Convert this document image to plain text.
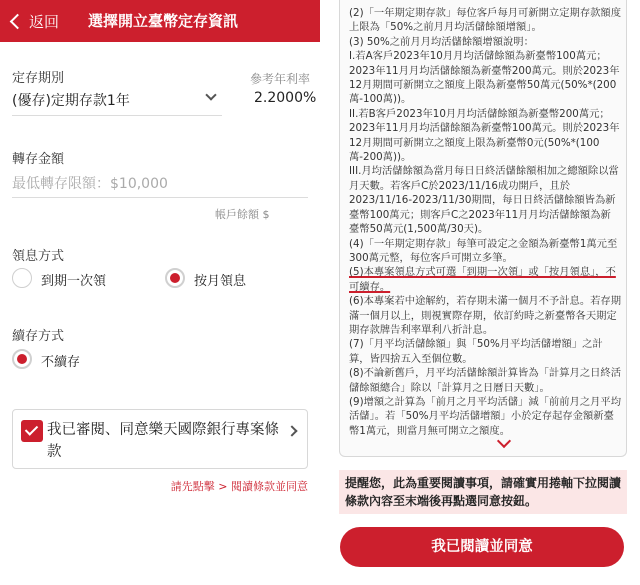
返回 選擇開立臺幣定存資訊
定存期別	參考年利率
(優存)定期存款1年	2.2000%
轉存金額
最低轉存限額：$10,000
帳戶餘額 $
領息方式
到期一次領	按月領息
續存方式
不續存
我已審閱、同意樂天國際銀行專案條款
請先點擊 > 閱讀條款並同意

(2)「一年期定期存款」每位客戶每月可新開立定期存款額度上限為「50%之前月月均活儲餘額增額」。

(3) 50%之前月月均活儲餘額增額說明：

I.若A客戶2023年10月月均活儲餘額為新臺幣100萬元；2023年11月月均活儲餘額為新臺幣200萬元。則於2023年12月期間可新開立之額度上限為新臺幣50萬元(50%*(200萬-100萬))。

II.若B客戶2023年10月月均活儲餘額為新臺幣200萬元；2023年11月月均活儲餘額為新臺幣100萬元。則於2023年12月期間可新開立之額度上限為新臺幣0元(50%*(100萬-200萬))。

III.月均活儲餘額為當月每日日終活儲餘額相加之總額除以當月天數。若客戶C於2023/11/16成功開戶，且於2023/11/16-2023/11/30期間，每日日終活儲餘額皆為新臺幣100萬元；則客戶C之2023年11月月均活儲餘額為新臺幣50萬元(1,500萬/30天)。

(4)「一年期定期存款」每筆可設定之金額為新臺幣1萬元至300萬元整，每位客戶可開立多筆。

(5)本專案領息方式可選「到期一次領」或「按月領息」，不可續存。

(6)本專案若中途解約，若存期未滿一個月不予計息。若存期滿一個月以上，則視實際存期，依訂約時之新臺幣各天期定期存款牌告利率單利八折計息。

(7)「月平均活儲餘額」與「50%月平均活儲增額」之計算，皆四捨五入至個位數。

(8)不論新舊戶，月平均活儲餘額計算皆為「計算月之日終活儲餘額總合」除以「計算月之日曆日天數」。

(9)增額之計算為「前月之月平均活儲」減「前前月之月平均活儲」。若「50%月平均活儲增額」小於定存起存金額新臺幣1萬元，則當月無可開立之額度。

提醒您，此為重要閱讀事項，請確實用捲軸下拉閱讀條款內容至末端後再點選同意按鈕。
我已閱讀並同意
